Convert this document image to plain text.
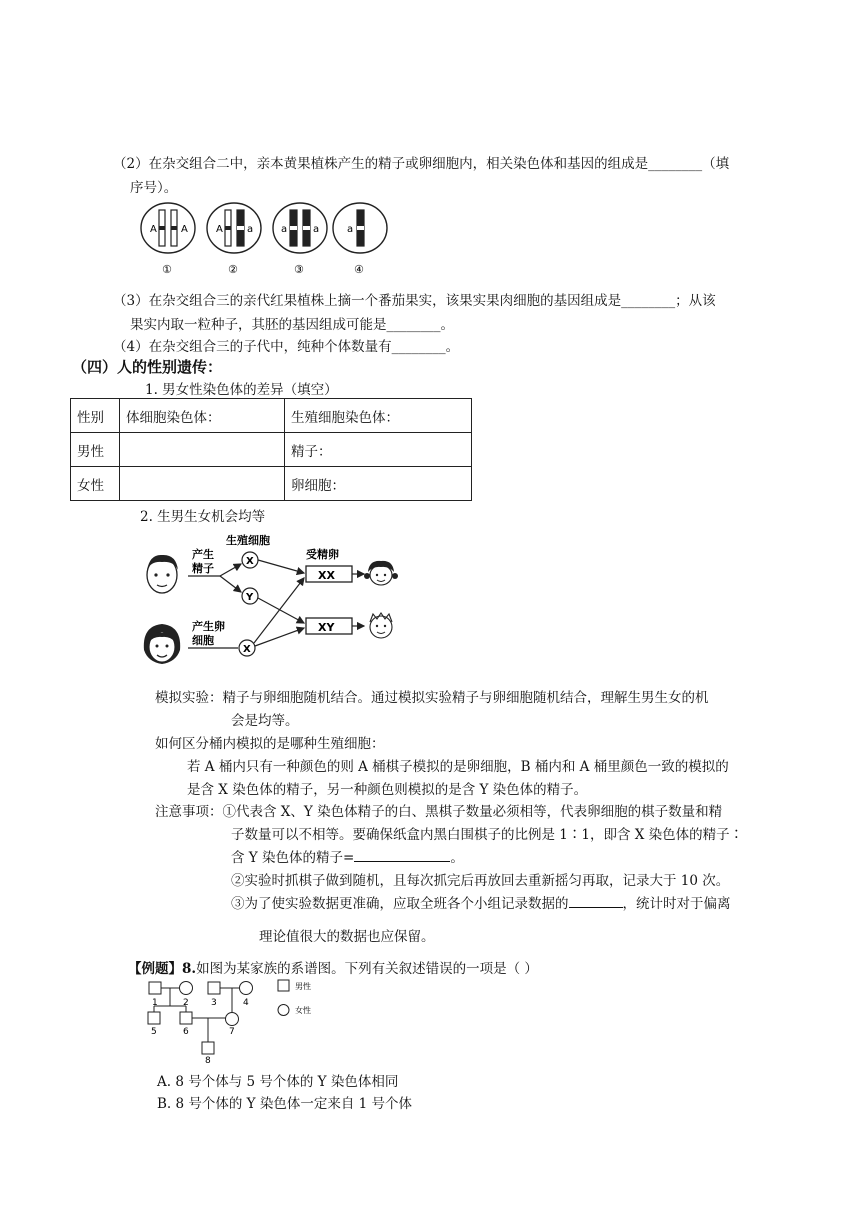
（2）在杂交组合二中，亲本黄果植株产生的精子或卵细胞内，相关染色体和基因的组成是________（填
序号）。
A A
①
A a
②
a	a
③
a
④
（3）在杂交组合三的亲代红果植株上摘一个番茄果实，该果实果肉细胞的基因组成是________；从该
果实内取一粒种子，其胚的基因组成可能是________。
（4）在杂交组合三的子代中，纯种个体数量有________。
（四）人的性别遗传：
1. 男女性染色体的差异（填空）
性别	体细胞染色体：	生殖细胞染色体：
男性		精子：
女性		卵细胞：
2. 生男生女机会均等
产生
精子
产生卵
细胞
生殖细胞
受精卵
X
Y
X
XX
XY
模拟实验：精子与卵细胞随机结合。通过模拟实验精子与卵细胞随机结合，理解生男生女的机
会是均等。
如何区分桶内模拟的是哪种生殖细胞：
若 A 桶内只有一种颜色的则 A 桶棋子模拟的是卵细胞，B 桶内和 A 桶里颜色一致的模拟的
是含 X 染色体的精子，另一种颜色则模拟的是含 Y 染色体的精子。
注意事项：①代表含 X、Y 染色体精子的白、黑棋子数量必须相等，代表卵细胞的棋子数量和精
子数量可以不相等。要确保纸盒内黑白围棋子的比例是 1∶1，即含 X 染色体的精子∶
含 Y 染色体的精子=	。
②实验时抓棋子做到随机，且每次抓完后再放回去重新摇匀再取，记录大于 10 次。
③为了使实验数据更准确，应取全班各个小组记录数据的	，统计时对于偏离
理论值很大的数据也应保留。
【例题】8.如图为某家族的系谱图。下列有关叙述错误的一项是（ ）
1	2 3	4
5	6	7
8
男性
女性
A. 8 号个体与 5 号个体的 Y 染色体相同
B. 8 号个体的 Y 染色体一定来自 1 号个体
